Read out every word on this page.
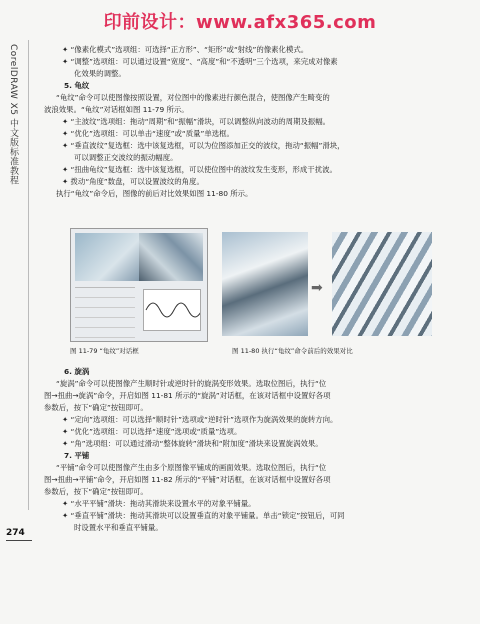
印前设计：www.afx365.com
CorelDRAW X5 中文版标准教程	✦ “像素化模式”选项组：可选择“正方形”、“矩形”或“射线”的像素化模式。
✦ “调整”选项组：可以通过设置“宽度”、“高度”和“不透明”三个选项，来完成对像素
化效果的调整。
5. 龟纹
“龟纹”命令可以使图像按照设置，对位图中的像素进行颜色混合，使图像产生畸变的
波浪效果。“龟纹”对话框如图 11-79 所示。
✦ “主波纹”选项组：拖动“周期”和“振幅”滑块，可以调整纵向波动的周期及振幅。
✦ “优化”选项组：可以单击“速度”或“质量”单选框。
✦ “垂直波纹”复选框：选中该复选框，可以为位图添加正交的波纹，拖动“振幅”滑块，
可以调整正交波纹的振动幅度。
✦ “扭曲龟纹”复选框：选中该复选框，可以使位图中的波纹发生变形，形成干扰波。
✦ 拨动“角度”数盘，可以设置波纹的角度。
执行“龟纹”命令后，图像的前后对比效果如图 11-80 所示。
➡
图 11-79 “龟纹”对话框	图 11-80 执行“龟纹”命令前后的效果对比
6. 旋涡
“旋涡”命令可以使图像产生顺时针或逆时针的旋涡变形效果。选取位图后，执行“位
图→扭曲→旋涡”命令，开启如图 11-81 所示的“旋涡”对话框，在该对话框中设置好各项
参数后，按下“确定”按钮即可。
✦ “定向”选项组：可以选择“顺时针”选项或“逆时针”选项作为旋涡效果的旋转方向。
✦ “优化”选项组：可以选择“速度”选项或“质量”选项。
✦ “角”选项组：可以通过滑动“整体旋转”滑块和“附加度”滑块来设置旋涡效果。
7. 平铺
“平铺”命令可以使图像产生由多个原图像平铺成的画面效果。选取位图后，执行“位
图→扭曲→平铺”命令，开启如图 11-82 所示的“平铺”对话框，在该对话框中设置好各项
参数后，按下“确定”按钮即可。
✦ “水平平铺”滑块：拖动其滑块来设置水平的对象平铺量。
✦ “垂直平铺”滑块：拖动其滑块可以设置垂直的对象平铺量。单击“锁定”按钮后，可同
时设置水平和垂直平铺量。
274
